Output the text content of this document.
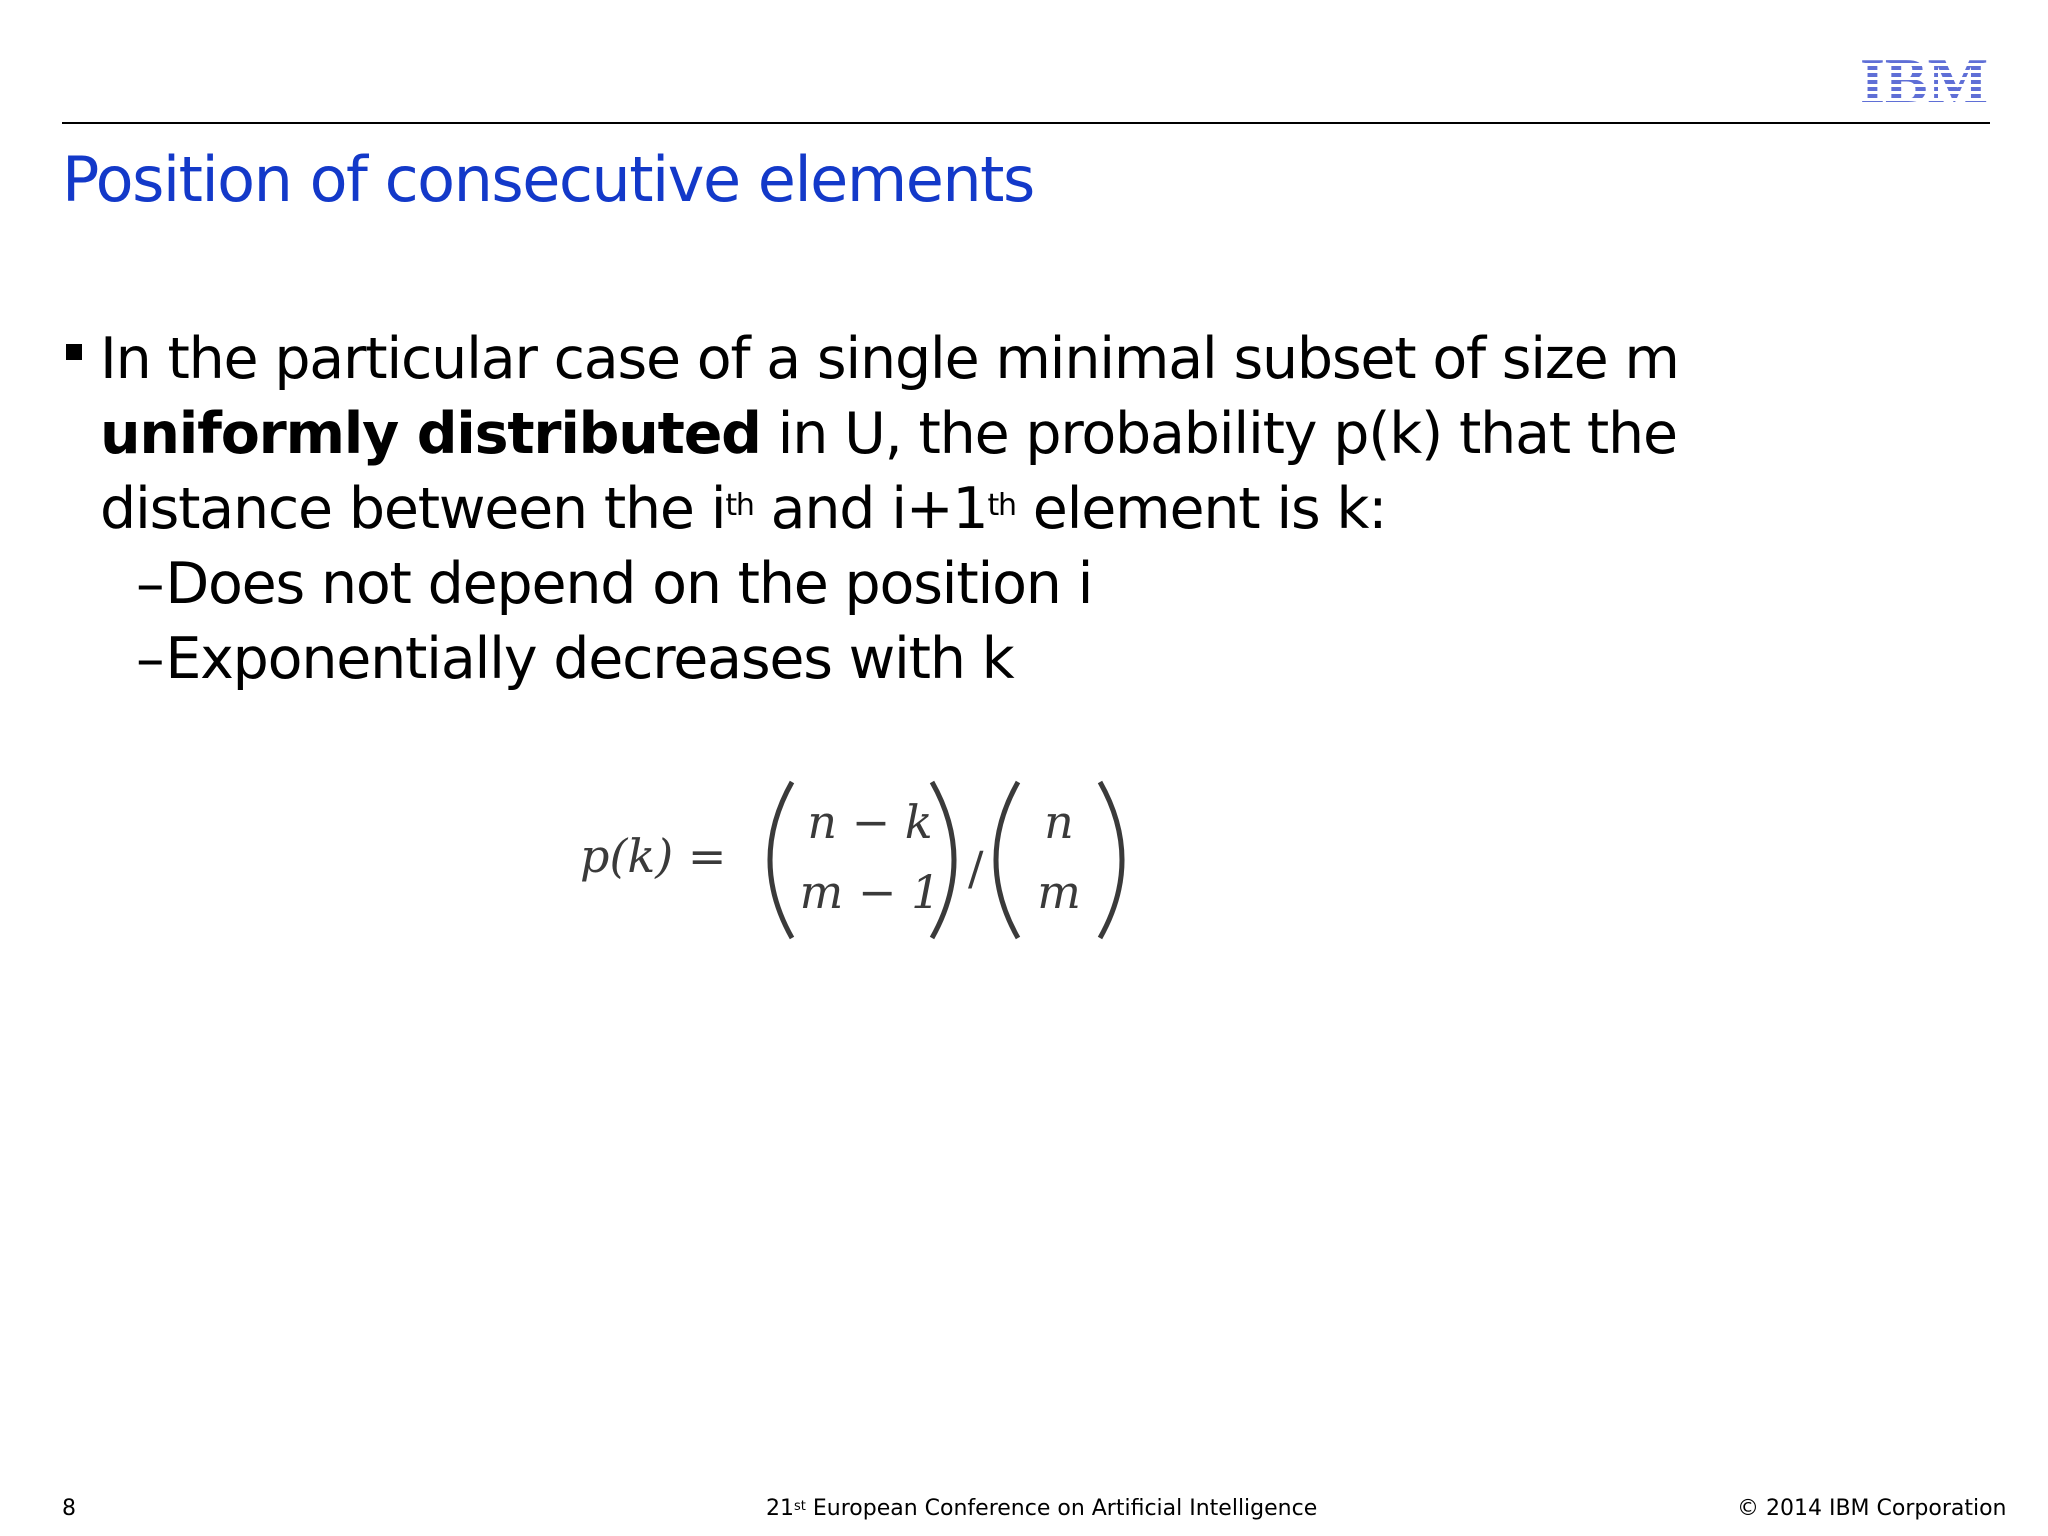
Position of consecutive elements
In the particular case of a single minimal subset of size m
uniformly distributed in U, the probability p(k) that the
distance between the $i^{th}$ and i+1th element is k:
–Does not depend on the position i
–Exponentially decreases with k
p(k) =
n − k
m − 1 /
n
m
8	21st European Conference on Artificial Intelligence	© 2014 IBM Corporation
